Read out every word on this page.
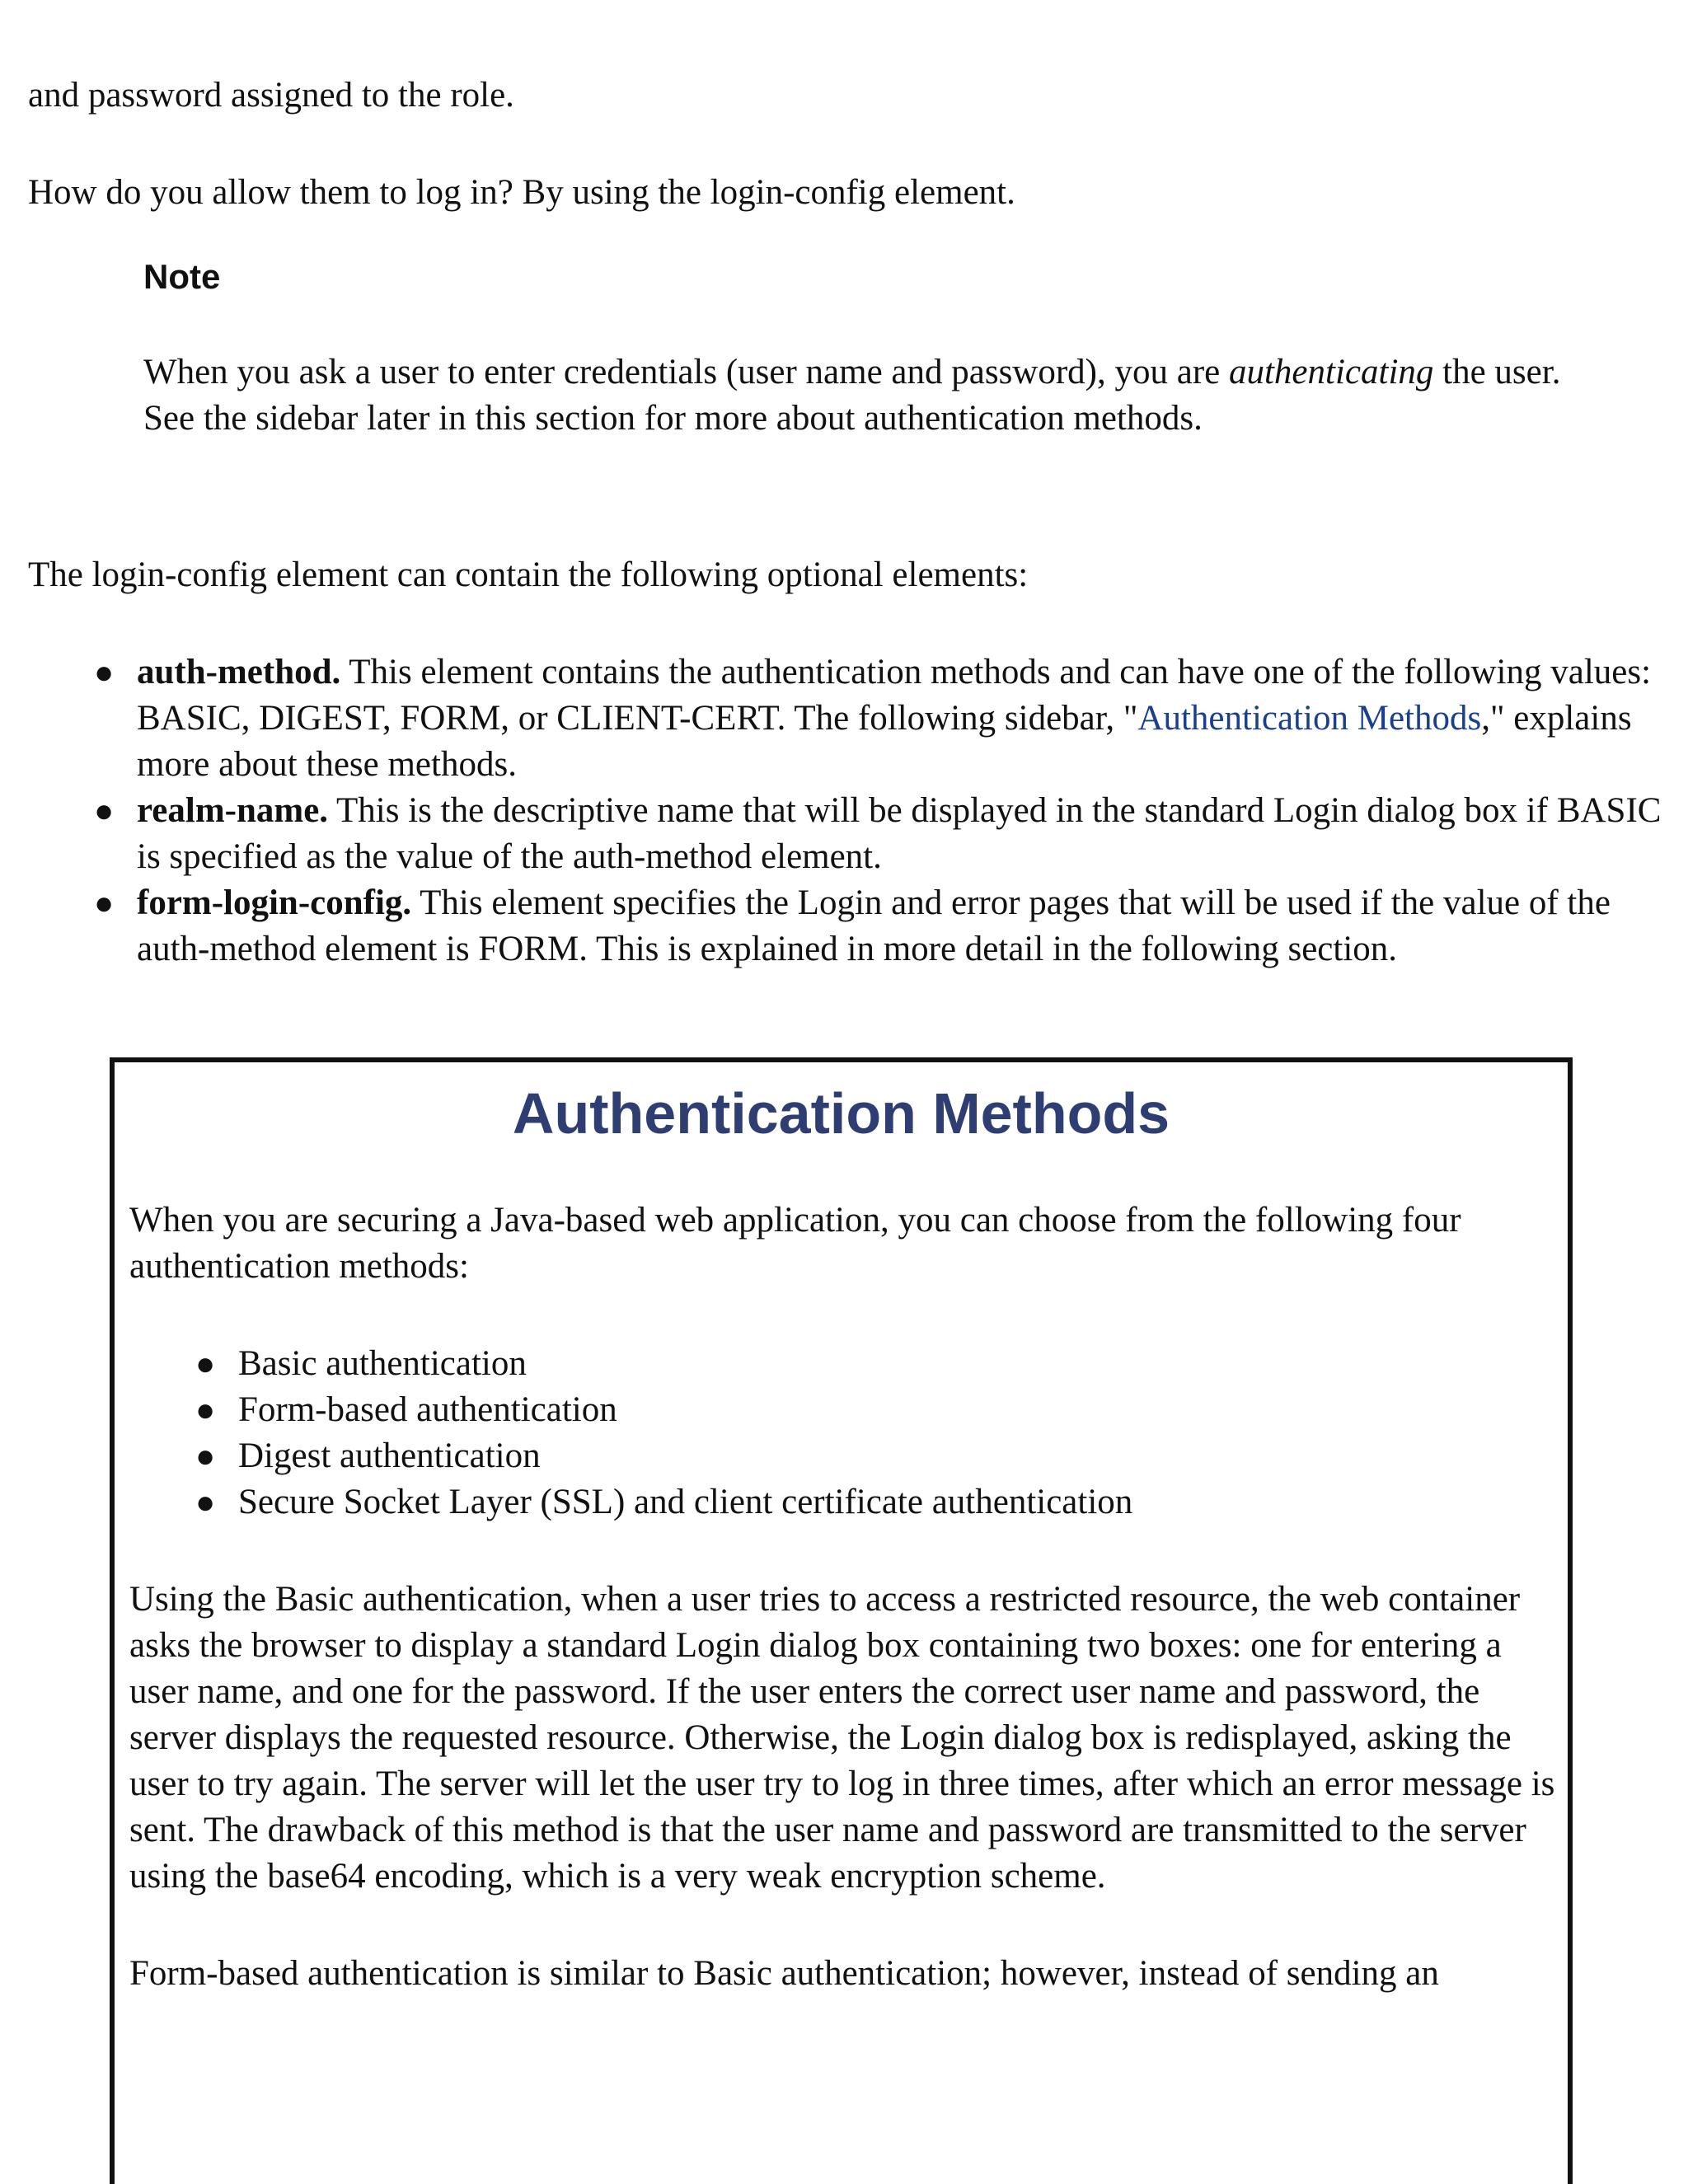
and password assigned to the role.

How do you allow them to log in? By using the login-config element.

Note
When you ask a user to enter credentials (user name and password), you are authenticating the user. See the sidebar later in this section for more about authentication methods.

The login-config element can contain the following optional elements:

● auth-method. This element contains the authentication methods and can have one of the following values: BASIC, DIGEST, FORM, or CLIENT-CERT. The following sidebar, "Authentication Methods," explains more about these methods.
● realm-name. This is the descriptive name that will be displayed in the standard Login dialog box if BASIC is specified as the value of the auth-method element.
● form-login-config. This element specifies the Login and error pages that will be used if the value of the auth-method element is FORM. This is explained in more detail in the following section.
Authentication Methods

When you are securing a Java-based web application, you can choose from the following four authentication methods:

● Basic authentication
● Form-based authentication
● Digest authentication
● Secure Socket Layer (SSL) and client certificate authentication

Using the Basic authentication, when a user tries to access a restricted resource, the web container asks the browser to display a standard Login dialog box containing two boxes: one for entering a user name, and one for the password. If the user enters the correct user name and password, the server displays the requested resource. Otherwise, the Login dialog box is redisplayed, asking the user to try again. The server will let the user try to log in three times, after which an error message is sent. The drawback of this method is that the user name and password are transmitted to the server using the base64 encoding, which is a very weak encryption scheme.

Form-based authentication is similar to Basic authentication; however, instead of sending an
